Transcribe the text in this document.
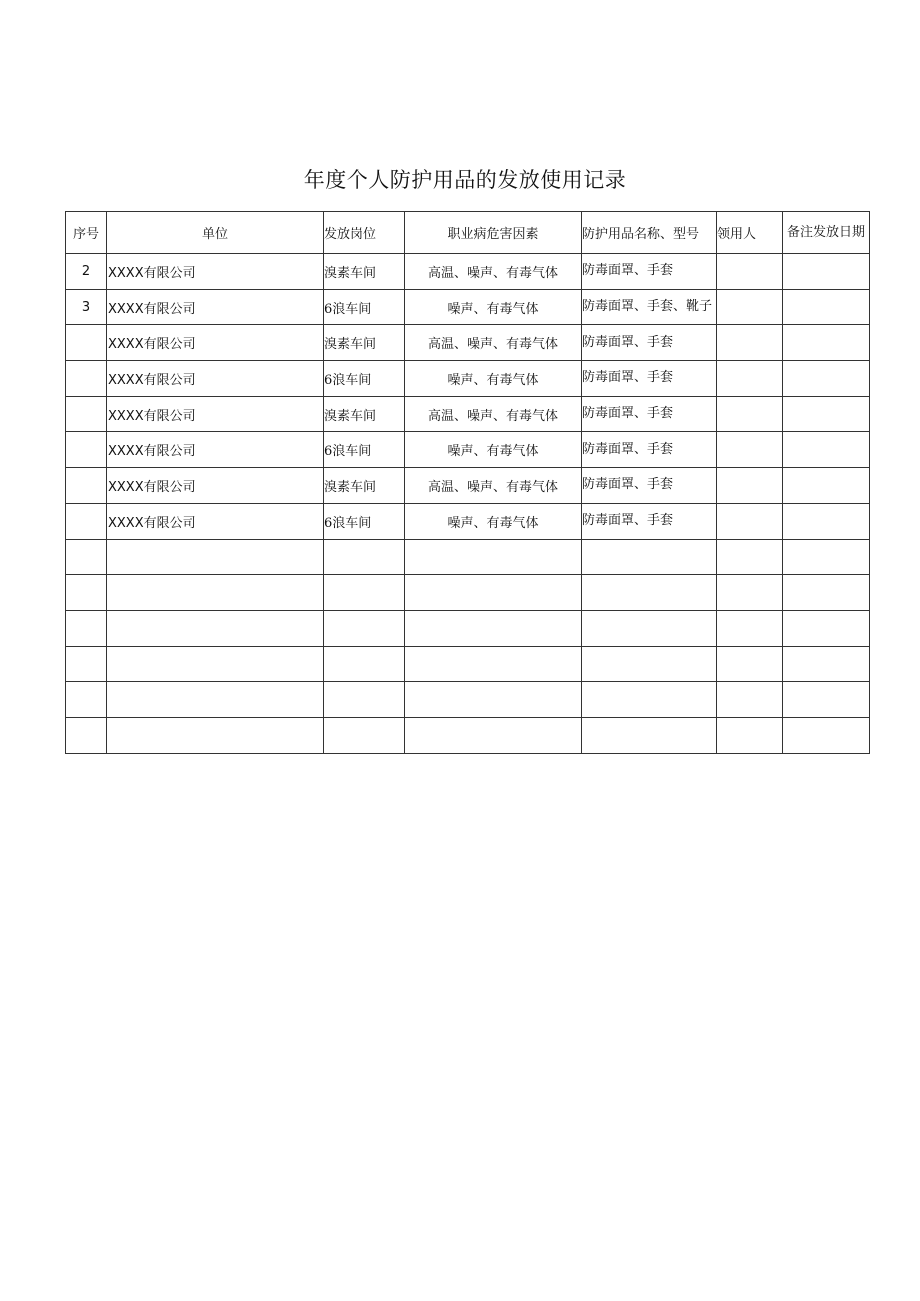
年度个人防护用品的发放使用记录
序号	单位	发放岗位	职业病危害因素	防护用品名称、型号	领用人	备注发放日期

2	XXXX有限公司	溴素车间	高温、噪声、有毒气体	防毒面罩、手套		
3	XXXX有限公司	6浪车间	噪声、有毒气体	防毒面罩、手套、靴子		
	XXXX有限公司	溴素车间	高温、噪声、有毒气体	防毒面罩、手套		
	XXXX有限公司	6浪车间	噪声、有毒气体	防毒面罩、手套		
	XXXX有限公司	溴素车间	高温、噪声、有毒气体	防毒面罩、手套		
	XXXX有限公司	6浪车间	噪声、有毒气体	防毒面罩、手套		
	XXXX有限公司	溴素车间	高温、噪声、有毒气体	防毒面罩、手套		
	XXXX有限公司	6浪车间	噪声、有毒气体	防毒面罩、手套		
